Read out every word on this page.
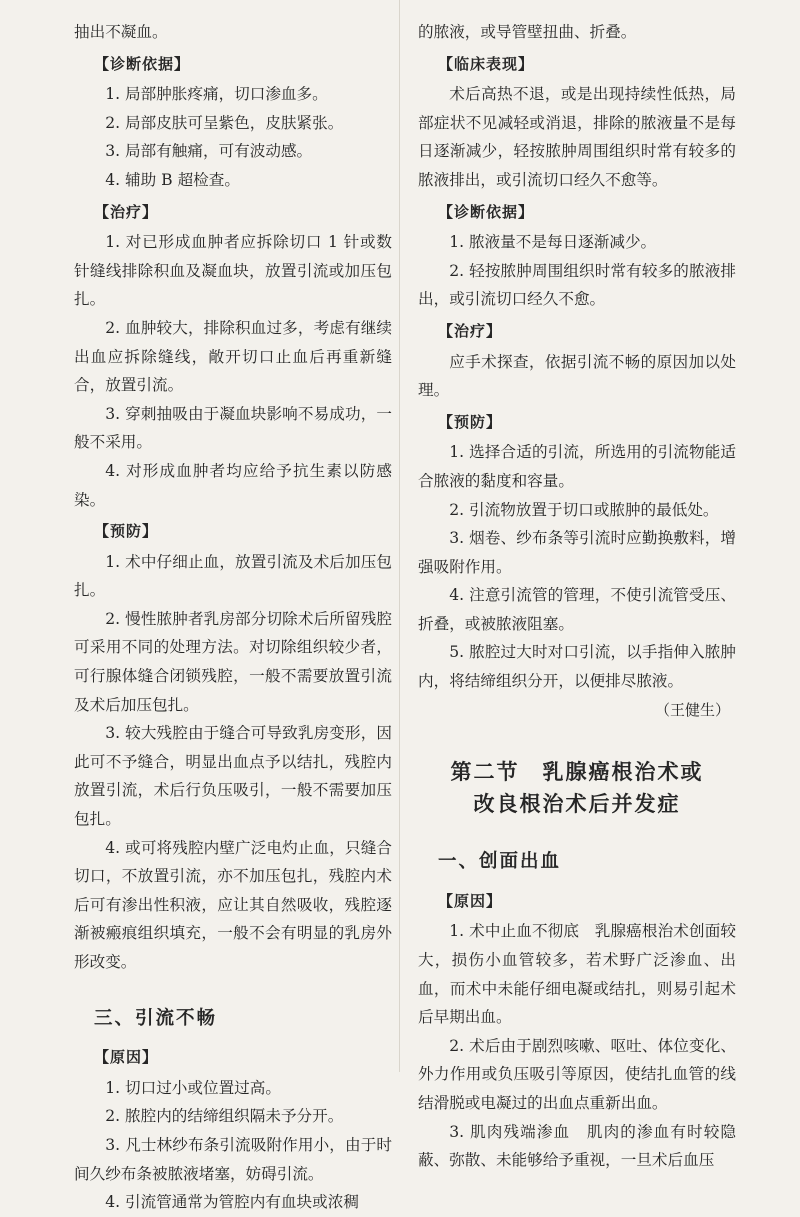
抽出不凝血。
【诊断依据】
1. 局部肿胀疼痛，切口渗血多。
2. 局部皮肤可呈紫色，皮肤紧张。
3. 局部有触痛，可有波动感。
4. 辅助 B 超检查。
【治疗】
1. 对已形成血肿者应拆除切口 1 针或数针缝线排除积血及凝血块，放置引流或加压包扎。
2. 血肿较大，排除积血过多，考虑有继续出血应拆除缝线，敞开切口止血后再重新缝合，放置引流。
3. 穿刺抽吸由于凝血块影响不易成功，一般不采用。
4. 对形成血肿者均应给予抗生素以防感染。
【预防】
1. 术中仔细止血，放置引流及术后加压包扎。
2. 慢性脓肿者乳房部分切除术后所留残腔可采用不同的处理方法。对切除组织较少者，可行腺体缝合闭锁残腔，一般不需要放置引流及术后加压包扎。
3. 较大残腔由于缝合可导致乳房变形，因此可不予缝合，明显出血点予以结扎，残腔内放置引流，术后行负压吸引，一般不需要加压包扎。
4. 或可将残腔内壁广泛电灼止血，只缝合切口，不放置引流，亦不加压包扎，残腔内术后可有渗出性积液，应让其自然吸收，残腔逐渐被瘢痕组织填充，一般不会有明显的乳房外形改变。
三、引流不畅
【原因】
1. 切口过小或位置过高。
2. 脓腔内的结缔组织隔未予分开。
3. 凡士林纱布条引流吸附作用小，由于时间久纱布条被脓液堵塞，妨碍引流。
4. 引流管通常为管腔内有血块或浓稠
的脓液，或导管壁扭曲、折叠。
【临床表现】
术后高热不退，或是出现持续性低热，局部症状不见减轻或消退，排除的脓液量不是每日逐渐减少，轻按脓肿周围组织时常有较多的脓液排出，或引流切口经久不愈等。
【诊断依据】
1. 脓液量不是每日逐渐减少。
2. 轻按脓肿周围组织时常有较多的脓液排出，或引流切口经久不愈。
【治疗】
应手术探查，依据引流不畅的原因加以处理。
【预防】
1. 选择合适的引流，所选用的引流物能适合脓液的黏度和容量。
2. 引流物放置于切口或脓肿的最低处。
3. 烟卷、纱布条等引流时应勤换敷料，增强吸附作用。
4. 注意引流管的管理，不使引流管受压、折叠，或被脓液阻塞。
5. 脓腔过大时对口引流，以手指伸入脓肿内，将结缔组织分开，以便排尽脓液。
（王健生）
第二节　乳腺癌根治术或
改良根治术后并发症
一、创面出血
【原因】
1. 术中止血不彻底　乳腺癌根治术创面较大，损伤小血管较多，若术野广泛渗血、出血，而术中未能仔细电凝或结扎，则易引起术后早期出血。
2. 术后由于剧烈咳嗽、呕吐、体位变化、外力作用或负压吸引等原因，使结扎血管的线结滑脱或电凝过的出血点重新出血。
3. 肌肉残端渗血　肌肉的渗血有时较隐蔽、弥散、未能够给予重视，一旦术后血压
